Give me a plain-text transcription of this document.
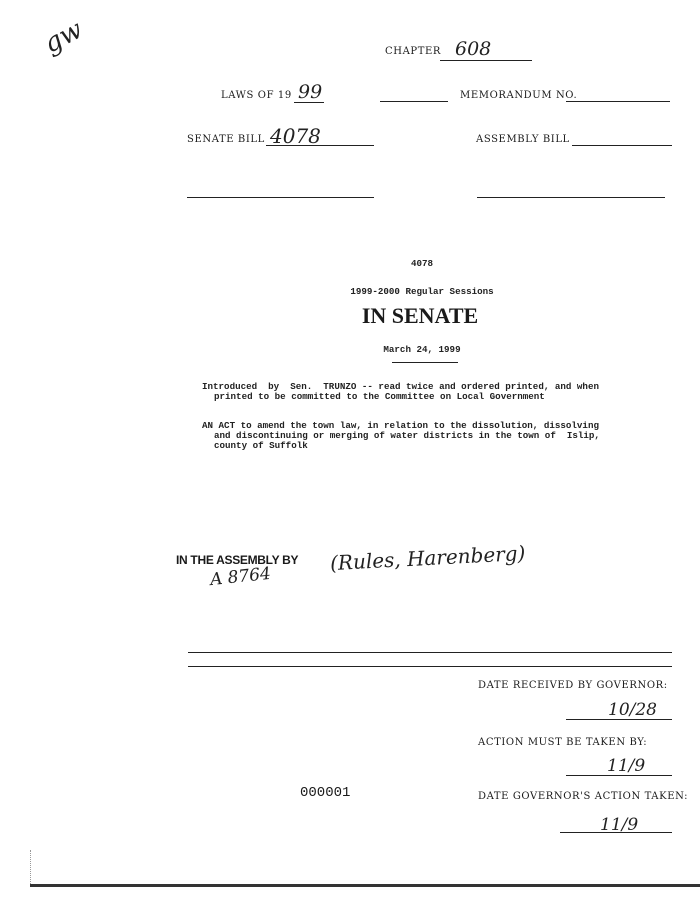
gw	CHAPTER 608
LAWS OF 19 99	MEMORANDUM NO.
SENATE BILL 4078	ASSEMBLY BILL
4078
1999-2000 Regular Sessions
IN SENATE
March 24, 1999
Introduced  by  Sen.  TRUNZO -- read twice and ordered printed, and when
printed to be committed to the Committee on Local Government
AN ACT to amend the town law, in relation to the dissolution, dissolving
and discontinuing or merging of water districts in the town of  Islip,
county of Suffolk
IN THE ASSEMBLY BY (Rules, Harenberg)
A 8764
DATE RECEIVED BY GOVERNOR:
10/28
ACTION MUST BE TAKEN BY:
11/9
000001	DATE GOVERNOR'S ACTION TAKEN:
11/9
